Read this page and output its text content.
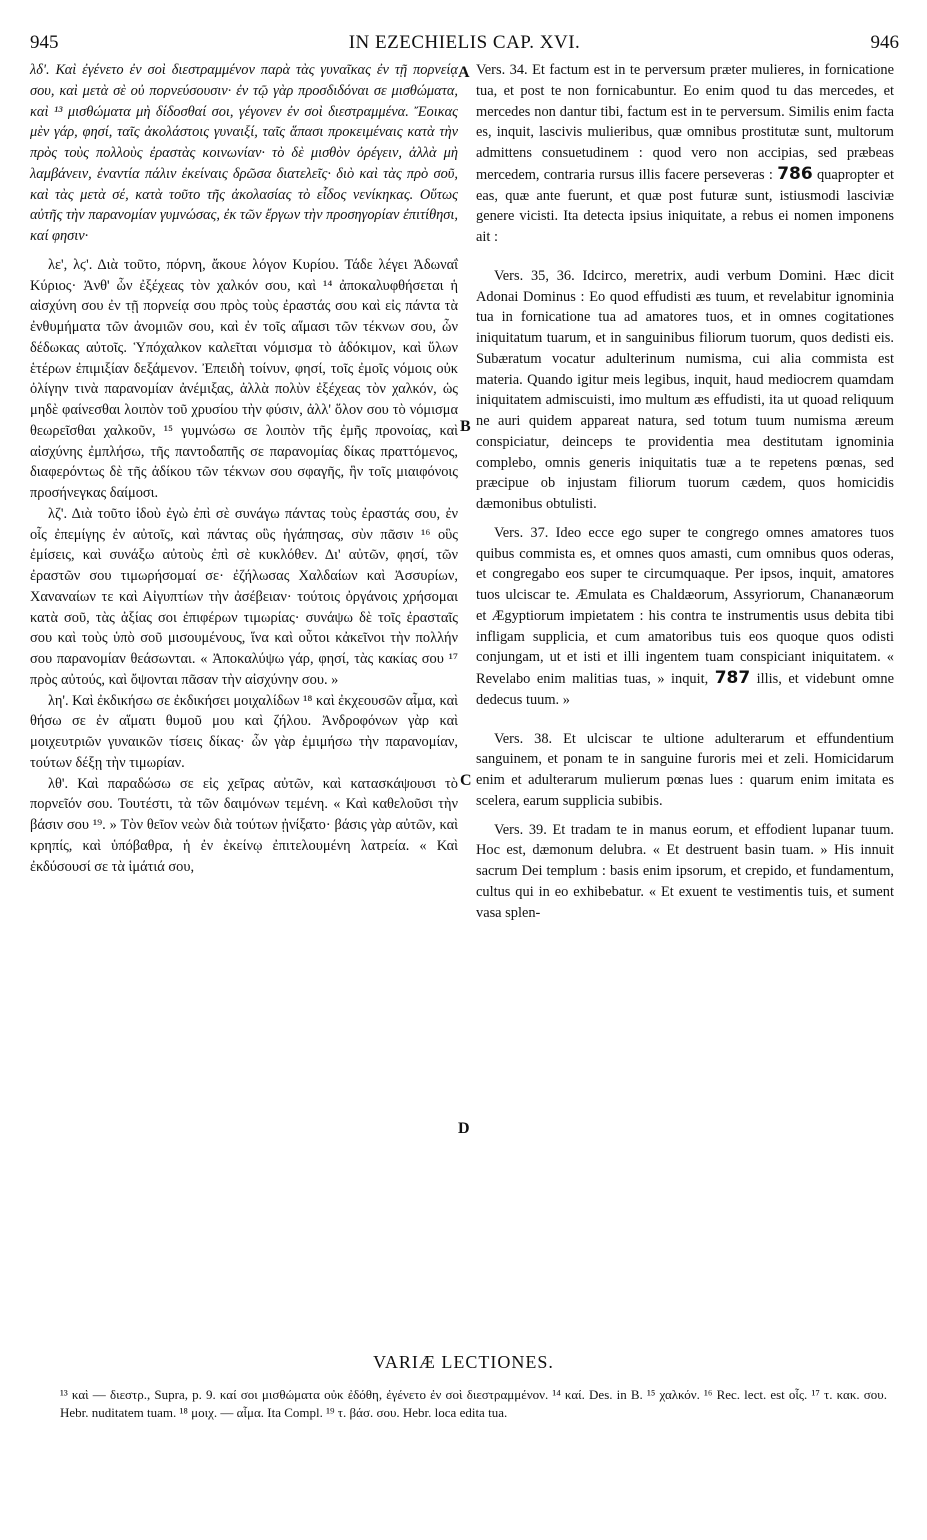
945	IN EZECHIELIS CAP. XVI.	946

λδ'. Καὶ ἐγένετο ἐν σοὶ διεστραμμένον παρὰ τὰς γυναῖκας ἐν τῇ πορνείᾳ σου, καὶ μετὰ σὲ οὐ πορνεύσουσιν· ἐν τῷ γὰρ προσδιδόναι σε μισθώματα, καὶ ¹³ μισθώματα μὴ δίδοσθαί σοι, γέγονεν ἐν σοὶ διεστραμμένα. Ἔοικας μὲν γάρ, φησί, ταῖς ἀκολάστοις γυναιξί, ταῖς ἅπασι προκειμέναις κατὰ τὴν πρὸς τοὺς πολλοὺς ἐραστὰς κοινωνίαν· τὸ δὲ μισθὸν ὀρέγειν, ἀλλὰ μὴ λαμβάνειν, ἐναντία πάλιν ἐκείναις δρῶσα διατελεῖς· διὸ καὶ τὰς πρὸ σοῦ, καὶ τὰς μετὰ σέ, κατὰ τοῦτο τῆς ἀκολασίας τὸ εἶδος νενίκηκας. Οὕτως αὐτῆς τὴν παρανομίαν γυμνώσας, ἐκ τῶν ἔργων τὴν προσηγορίαν ἐπιτίθησι, καί φησιν·

λε', λϛ'. Διὰ τοῦτο, πόρνη, ἄκουε λόγον Κυρίου. Τάδε λέγει Ἀδωναΐ Κύριος· Ἀνθ' ὧν ἐξέχεας τὸν χαλκόν σου, καὶ ¹⁴ ἀποκαλυφθήσεται ἡ αἰσχύνη σου ἐν τῇ πορνείᾳ σου πρὸς τοὺς ἐραστάς σου καὶ εἰς πάντα τὰ ἐνθυμήματα τῶν ἀνομιῶν σου, καὶ ἐν τοῖς αἵμασι τῶν τέκνων σου, ὧν δέδωκας αὐτοῖς. Ὑπόχαλκον καλεῖται νόμισμα τὸ ἀδόκιμον, καὶ ὕλων ἑτέρων ἐπιμιξίαν δεξάμενον. Ἐπειδὴ τοίνυν, φησί, τοῖς ἐμοῖς νόμοις οὐκ ὀλίγην τινὰ παρανομίαν ἀνέμιξας, ἀλλὰ πολὺν ἐξέχεας τὸν χαλκόν, ὡς μηδὲ φαίνεσθαι λοιπὸν τοῦ χρυσίου τὴν φύσιν, ἀλλ' ὅλον σου τὸ νόμισμα θεωρεῖσθαι χαλκοῦν, ¹⁵ γυμνώσω σε λοιπὸν τῆς ἐμῆς προνοίας, καὶ αἰσχύνης ἐμπλήσω, τῆς παντοδαπῆς σε παρανομίας δίκας πραττόμενος, διαφερόντως δὲ τῆς ἀδίκου τῶν τέκνων σου σφαγῆς, ἣν τοῖς μιαιφόνοις προσήνεγκας δαίμοσι.

λζ'. Διὰ τοῦτο ἰδοὺ ἐγὼ ἐπὶ σὲ συνάγω πάντας τοὺς ἐραστάς σου, ἐν οἷς ἐπεμίγης ἐν αὐτοῖς, καὶ πάντας οὓς ἠγάπησας, σὺν πᾶσιν ¹⁶ οὓς ἐμίσεις, καὶ συνάξω αὐτοὺς ἐπὶ σὲ κυκλόθεν. Δι' αὐτῶν, φησί, τῶν ἐραστῶν σου τιμωρήσομαί σε· ἐζήλωσας Χαλδαίων καὶ Ἀσσυρίων, Χαναναίων τε καὶ Αἰγυπτίων τὴν ἀσέβειαν· τούτοις ὀργάνοις χρήσομαι κατὰ σοῦ, τὰς ἀξίας σοι ἐπιφέρων τιμωρίας· συνάψω δὲ τοῖς ἐρασταῖς σου καὶ τοὺς ὑπὸ σοῦ μισουμένους, ἵνα καὶ οὗτοι κἀκεῖνοι τὴν πολλήν σου παρανομίαν θεάσωνται. « Ἀποκαλύψω γάρ, φησί, τὰς κακίας σου ¹⁷ πρὸς αὐτούς, καὶ ὄψονται πᾶσαν τὴν αἰσχύνην σου. »

λη'. Καὶ ἐκδικήσω σε ἐκδικήσει μοιχαλίδων ¹⁸ καὶ ἐκχεουσῶν αἷμα, καὶ θήσω σε ἐν αἵματι θυμοῦ μου καὶ ζήλου. Ἀνδροφόνων γὰρ καὶ μοιχευτριῶν γυναικῶν τίσεις δίκας· ὧν γὰρ ἐμιμήσω τὴν παρανομίαν, τούτων δέξῃ τὴν τιμωρίαν.

λθ'. Καὶ παραδώσω σε εἰς χεῖρας αὐτῶν, καὶ κατασκάψουσι τὸ πορνεῖόν σου. Τουτέστι, τὰ τῶν δαιμόνων τεμένη. « Καὶ καθελοῦσι τὴν βάσιν σου ¹⁹. » Τὸν θεῖον νεὼν διὰ τούτων ᾐνίξατο· βάσις γὰρ αὐτῶν, καὶ κρηπίς, καὶ ὑπόβαθρα, ἡ ἐν ἐκείνῳ ἐπιτελουμένη λατρεία. « Καὶ ἐκδύσουσί σε τὰ ἱμάτιά σου,

A
B
C
D

Vers. 34. Et factum est in te perversum præter mulieres, in fornicatione tua, et post te non fornicabuntur. Eo enim quod tu das mercedes, et mercedes non dantur tibi, factum est in te perversum. Similis enim facta es, inquit, lascivis mulieribus, quæ omnibus prostitutæ sunt, multorum admittens consuetudinem : quod vero non accipias, sed præbeas mercedem, contraria rursus illis facere perseveras : 786 quapropter et eas, quæ ante fuerunt, et quæ post futuræ sunt, istiusmodi lasciviæ genere vicisti. Ita detecta ipsius iniquitate, a rebus ei nomen imponens ait :

Vers. 35, 36. Idcirco, meretrix, audi verbum Domini. Hæc dicit Adonai Dominus : Eo quod effudisti æs tuum, et revelabitur ignominia tua in fornicatione tua ad amatores tuos, et in omnes cogitationes iniquitatum tuarum, et in sanguinibus filiorum tuorum, quos dedisti eis. Subæratum vocatur adulterinum numisma, cui alia commista est materia. Quando igitur meis legibus, inquit, haud mediocrem quamdam iniquitatem admiscuisti, imo multum æs effudisti, ita ut quoad reliquum ne auri quidem appareat natura, sed totum tuum numisma æreum conspiciatur, deinceps te providentia mea destitutam ignominia complebo, omnis generis iniquitatis tuæ a te repetens pœnas, sed præcipue ob injustam filiorum tuorum cædem, quos homicidis dæmonibus obtulisti.

Vers. 37. Ideo ecce ego super te congrego omnes amatores tuos quibus commista es, et omnes quos amasti, cum omnibus quos oderas, et congregabo eos super te circumquaque. Per ipsos, inquit, amatores tuos ulciscar te. Æmulata es Chaldæorum, Assyriorum, Chananæorum et Ægyptiorum impietatem : his contra te instrumentis usus debita tibi infligam supplicia, et cum amatoribus tuis eos quoque quos odisti conjungam, ut et isti et illi ingentem tuam conspiciant iniquitatem. « Revelabo enim malitias tuas, » inquit, 787 illis, et videbunt omne dedecus tuum. »

Vers. 38. Et ulciscar te ultione adulterarum et effundentium sanguinem, et ponam te in sanguine furoris mei et zeli. Homicidarum enim et adulterarum mulierum pœnas lues : quarum enim imitata es scelera, earum supplicia subibis.

Vers. 39. Et tradam te in manus eorum, et effodient lupanar tuum. Hoc est, dæmonum delubra. « Et destruent basin tuam. » His innuit sacrum Dei templum : basis enim ipsorum, et crepido, et fundamentum, cultus qui in eo exhibebatur. « Et exuent te vestimentis tuis, et sument vasa splen-

VARIÆ LECTIONES.
¹³ καὶ — διεστρ., Supra, p. 9. καί σοι μισθώματα οὐκ ἐδόθη, ἐγένετο ἐν σοὶ διεστραμμένον. ¹⁴ καί. Des. in B. ¹⁵ χαλκόν. ¹⁶ Rec. lect. est οἷς. ¹⁷ τ. κακ. σου. Hebr. nuditatem tuam. ¹⁸ μοιχ. — αἷμα. Ita Compl. ¹⁹ τ. βάσ. σου. Hebr. loca edita tua.
